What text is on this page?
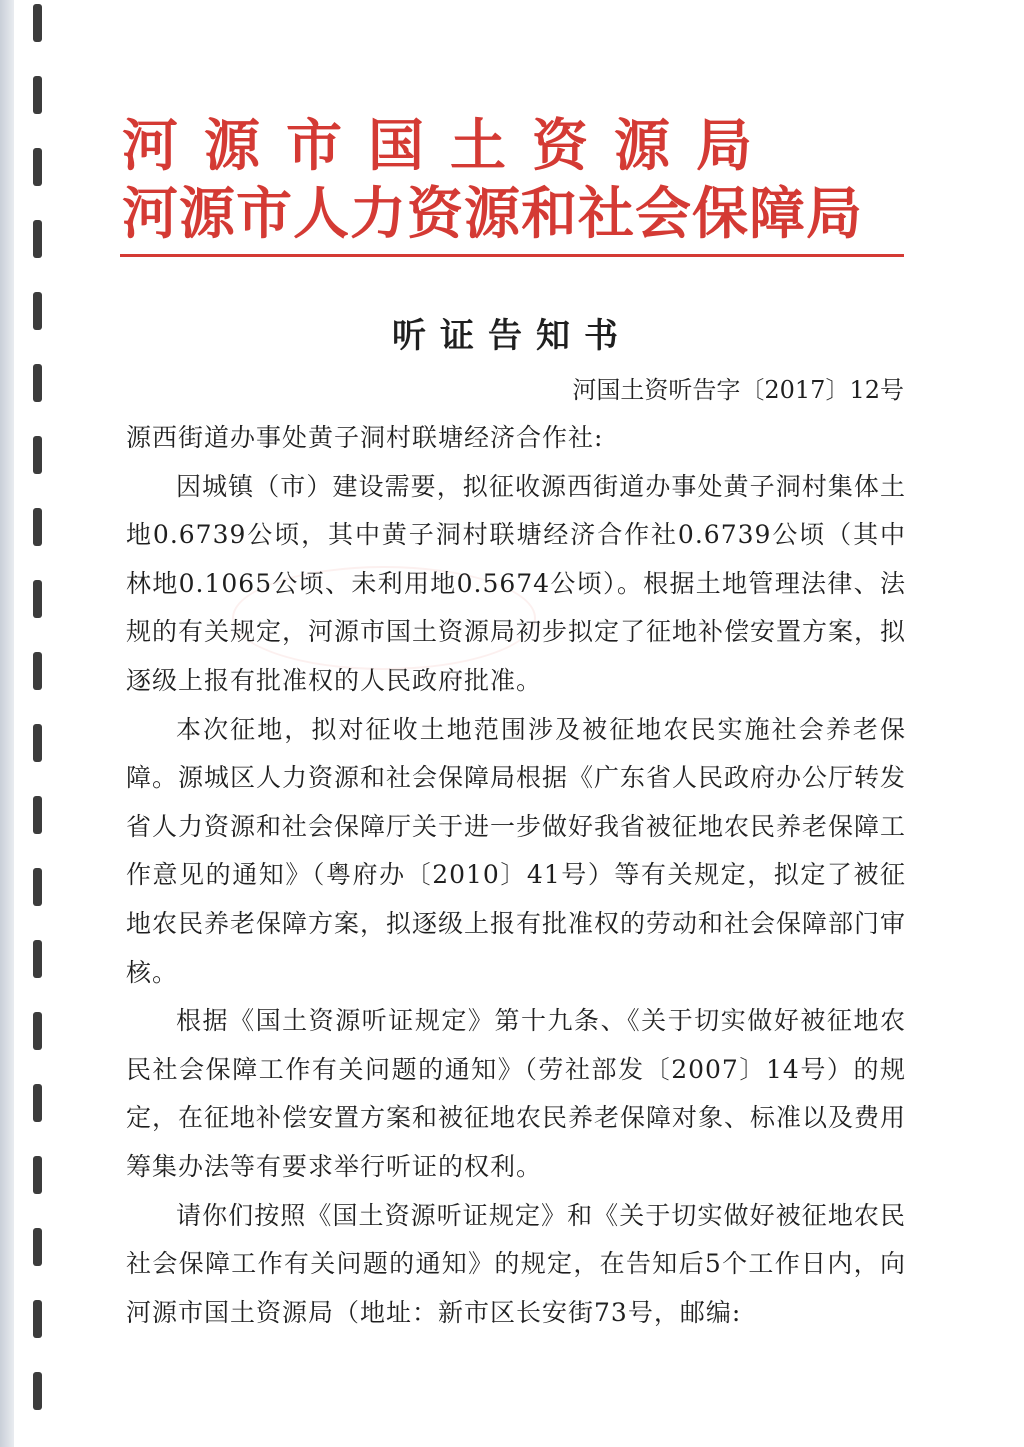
河源市国土资源局
河源市人力资源和社会保障局
听证告知书
河国土资听告字〔2017〕12号

源西街道办事处黄子洞村联塘经济合作社:

因城镇（市）建设需要，拟征收源西街道办事处黄子洞村集体土地0.6739公顷，其中黄子洞村联塘经济合作社0.6739公顷（其中林地0.1065公顷、未利用地0.5674公顷）。根据土地管理法律、法规的有关规定，河源市国土资源局初步拟定了征地补偿安置方案，拟逐级上报有批准权的人民政府批准。

本次征地，拟对征收土地范围涉及被征地农民实施社会养老保障。源城区人力资源和社会保障局根据《广东省人民政府办公厅转发省人力资源和社会保障厅关于进一步做好我省被征地农民养老保障工作意见的通知》（粤府办〔2010〕41号）等有关规定，拟定了被征地农民养老保障方案，拟逐级上报有批准权的劳动和社会保障部门审核。

根据《国土资源听证规定》第十九条、《关于切实做好被征地农民社会保障工作有关问题的通知》（劳社部发〔2007〕14号）的规定，在征地补偿安置方案和被征地农民养老保障对象、标准以及费用筹集办法等有要求举行听证的权利。

请你们按照《国土资源听证规定》和《关于切实做好被征地农民社会保障工作有关问题的通知》的规定，在告知后5个工作日内，向河源市国土资源局（地址：新市区长安街73号，邮编:
